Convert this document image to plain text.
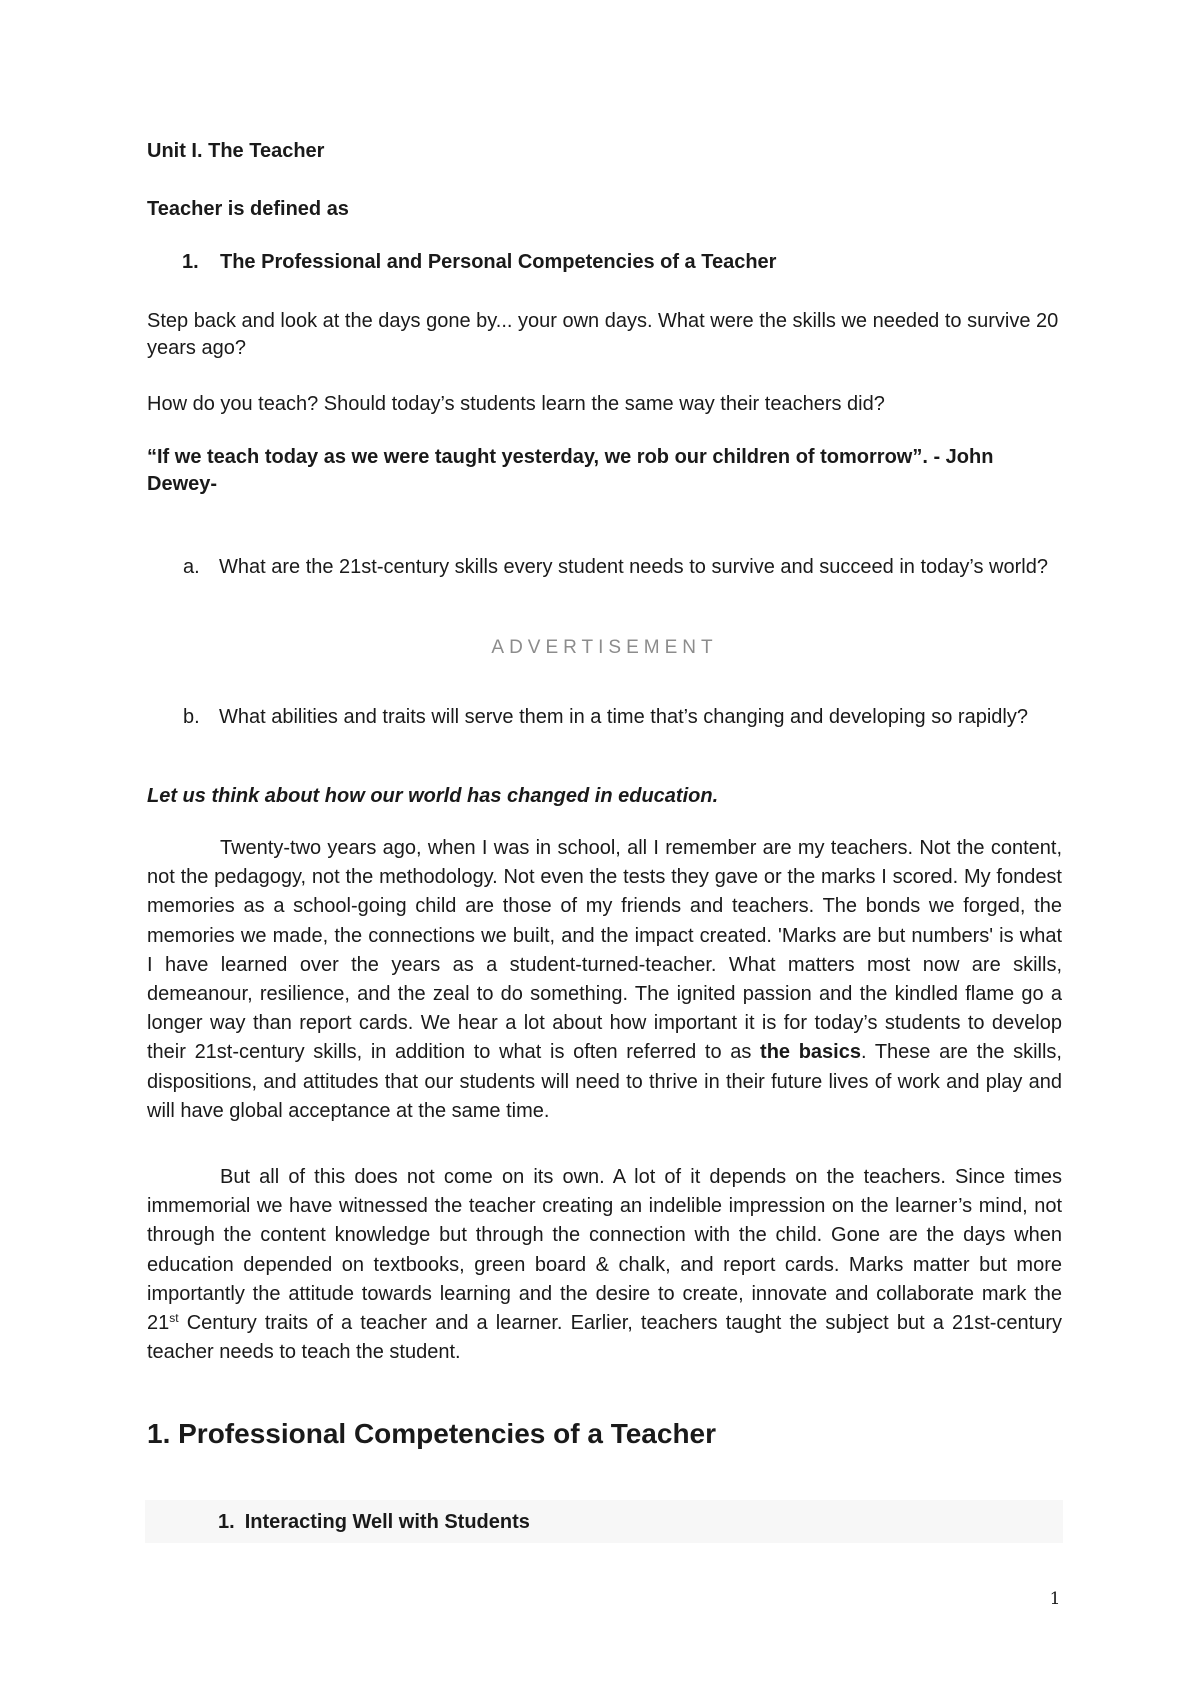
Unit I. The Teacher

Teacher is defined as

1. The Professional and Personal Competencies of a Teacher

Step back and look at the days gone by... your own days. What were the skills we needed to survive 20 years ago?

How do you teach? Should today’s students learn the same way their teachers did?

“If we teach today as we were taught yesterday, we rob our children of tomorrow”. - John Dewey-

a. What are the 21st-century skills every student needs to survive and succeed in today’s world?
ADVERTISEMENT
b. What abilities and traits will serve them in a time that’s changing and developing so rapidly?

Let us think about how our world has changed in education.

Twenty-two years ago, when I was in school, all I remember are my teachers. Not the content, not the pedagogy, not the methodology. Not even the tests they gave or the marks I scored. My fondest memories as a school-going child are those of my friends and teachers. The bonds we forged, the memories we made, the connections we built, and the impact created. 'Marks are but numbers' is what I have learned over the years as a student-turned-teacher. What matters most now are skills, demeanour, resilience, and the zeal to do something. The ignited passion and the kindled flame go a longer way than report cards. We hear a lot about how important it is for today’s students to develop their 21st-century skills, in addition to what is often referred to as the basics. These are the skills, dispositions, and attitudes that our students will need to thrive in their future lives of work and play and will have global acceptance at the same time.

But all of this does not come on its own. A lot of it depends on the teachers. Since times immemorial we have witnessed the teacher creating an indelible impression on the learner’s mind, not through the content knowledge but through the connection with the child. Gone are the days when education depended on textbooks, green board & chalk, and report cards. Marks matter but more importantly the attitude towards learning and the desire to create, innovate and collaborate mark the 21st Century traits of a teacher and a learner. Earlier, teachers taught the subject but a 21st-century teacher needs to teach the student.

1. Professional Competencies of a Teacher
1. Interacting Well with Students
1
